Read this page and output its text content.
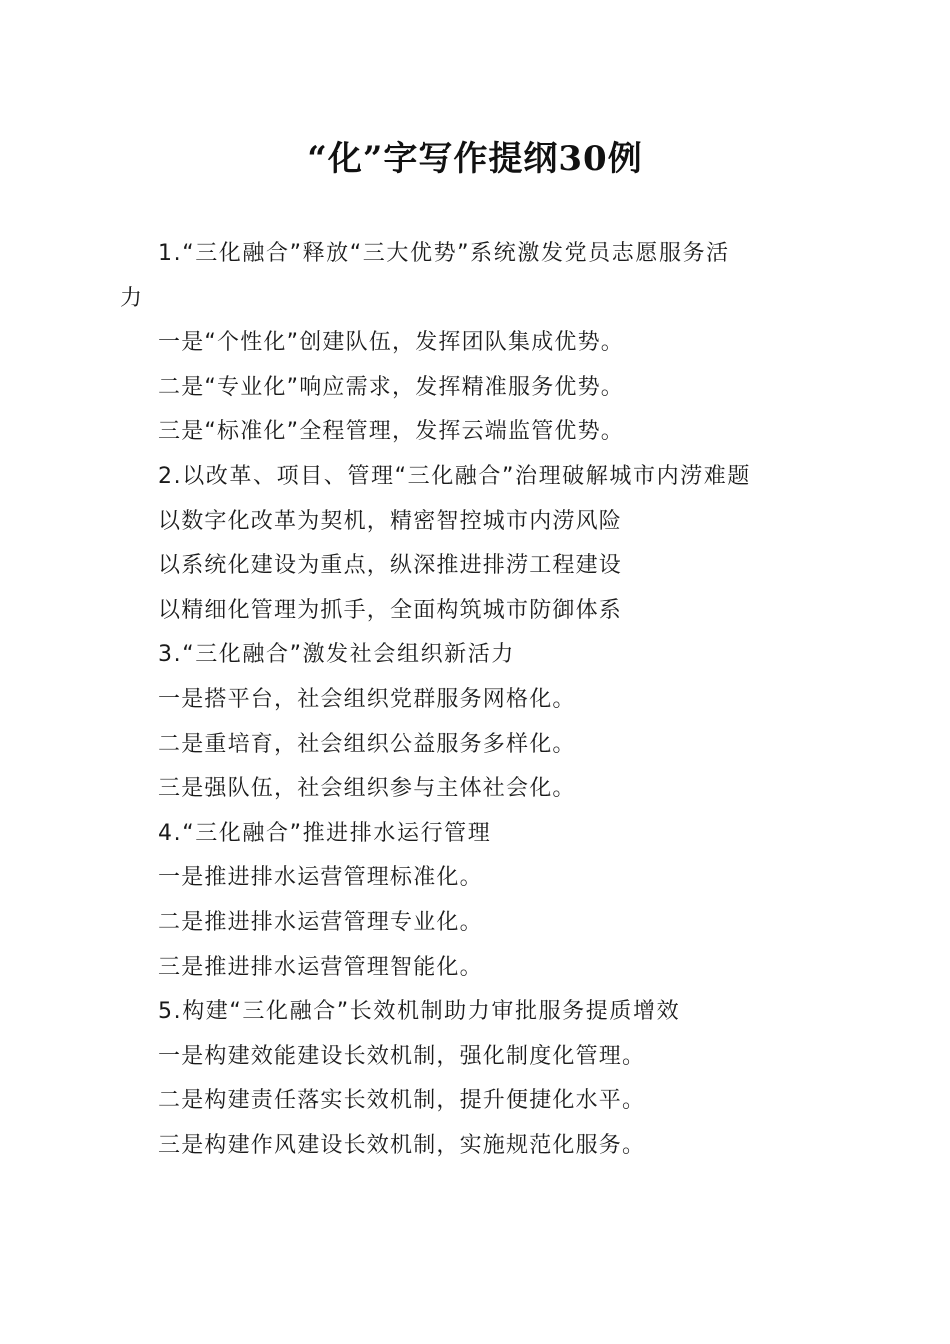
“化”字写作提纲30例
1.“三化融合”释放“三大优势”系统激发党员志愿服务活
力

一是“个性化”创建队伍，发挥团队集成优势。

二是“专业化”响应需求，发挥精准服务优势。

三是“标准化”全程管理，发挥云端监管优势。

2.以改革、项目、管理“三化融合”治理破解城市内涝难题

以数字化改革为契机，精密智控城市内涝风险

以系统化建设为重点，纵深推进排涝工程建设

以精细化管理为抓手，全面构筑城市防御体系

3.“三化融合”激发社会组织新活力

一是搭平台，社会组织党群服务网格化。

二是重培育，社会组织公益服务多样化。

三是强队伍，社会组织参与主体社会化。

4.“三化融合”推进排水运行管理

一是推进排水运营管理标准化。

二是推进排水运营管理专业化。

三是推进排水运营管理智能化。

5.构建“三化融合”长效机制助力审批服务提质增效

一是构建效能建设长效机制，强化制度化管理。

二是构建责任落实长效机制，提升便捷化水平。

三是构建作风建设长效机制，实施规范化服务。
